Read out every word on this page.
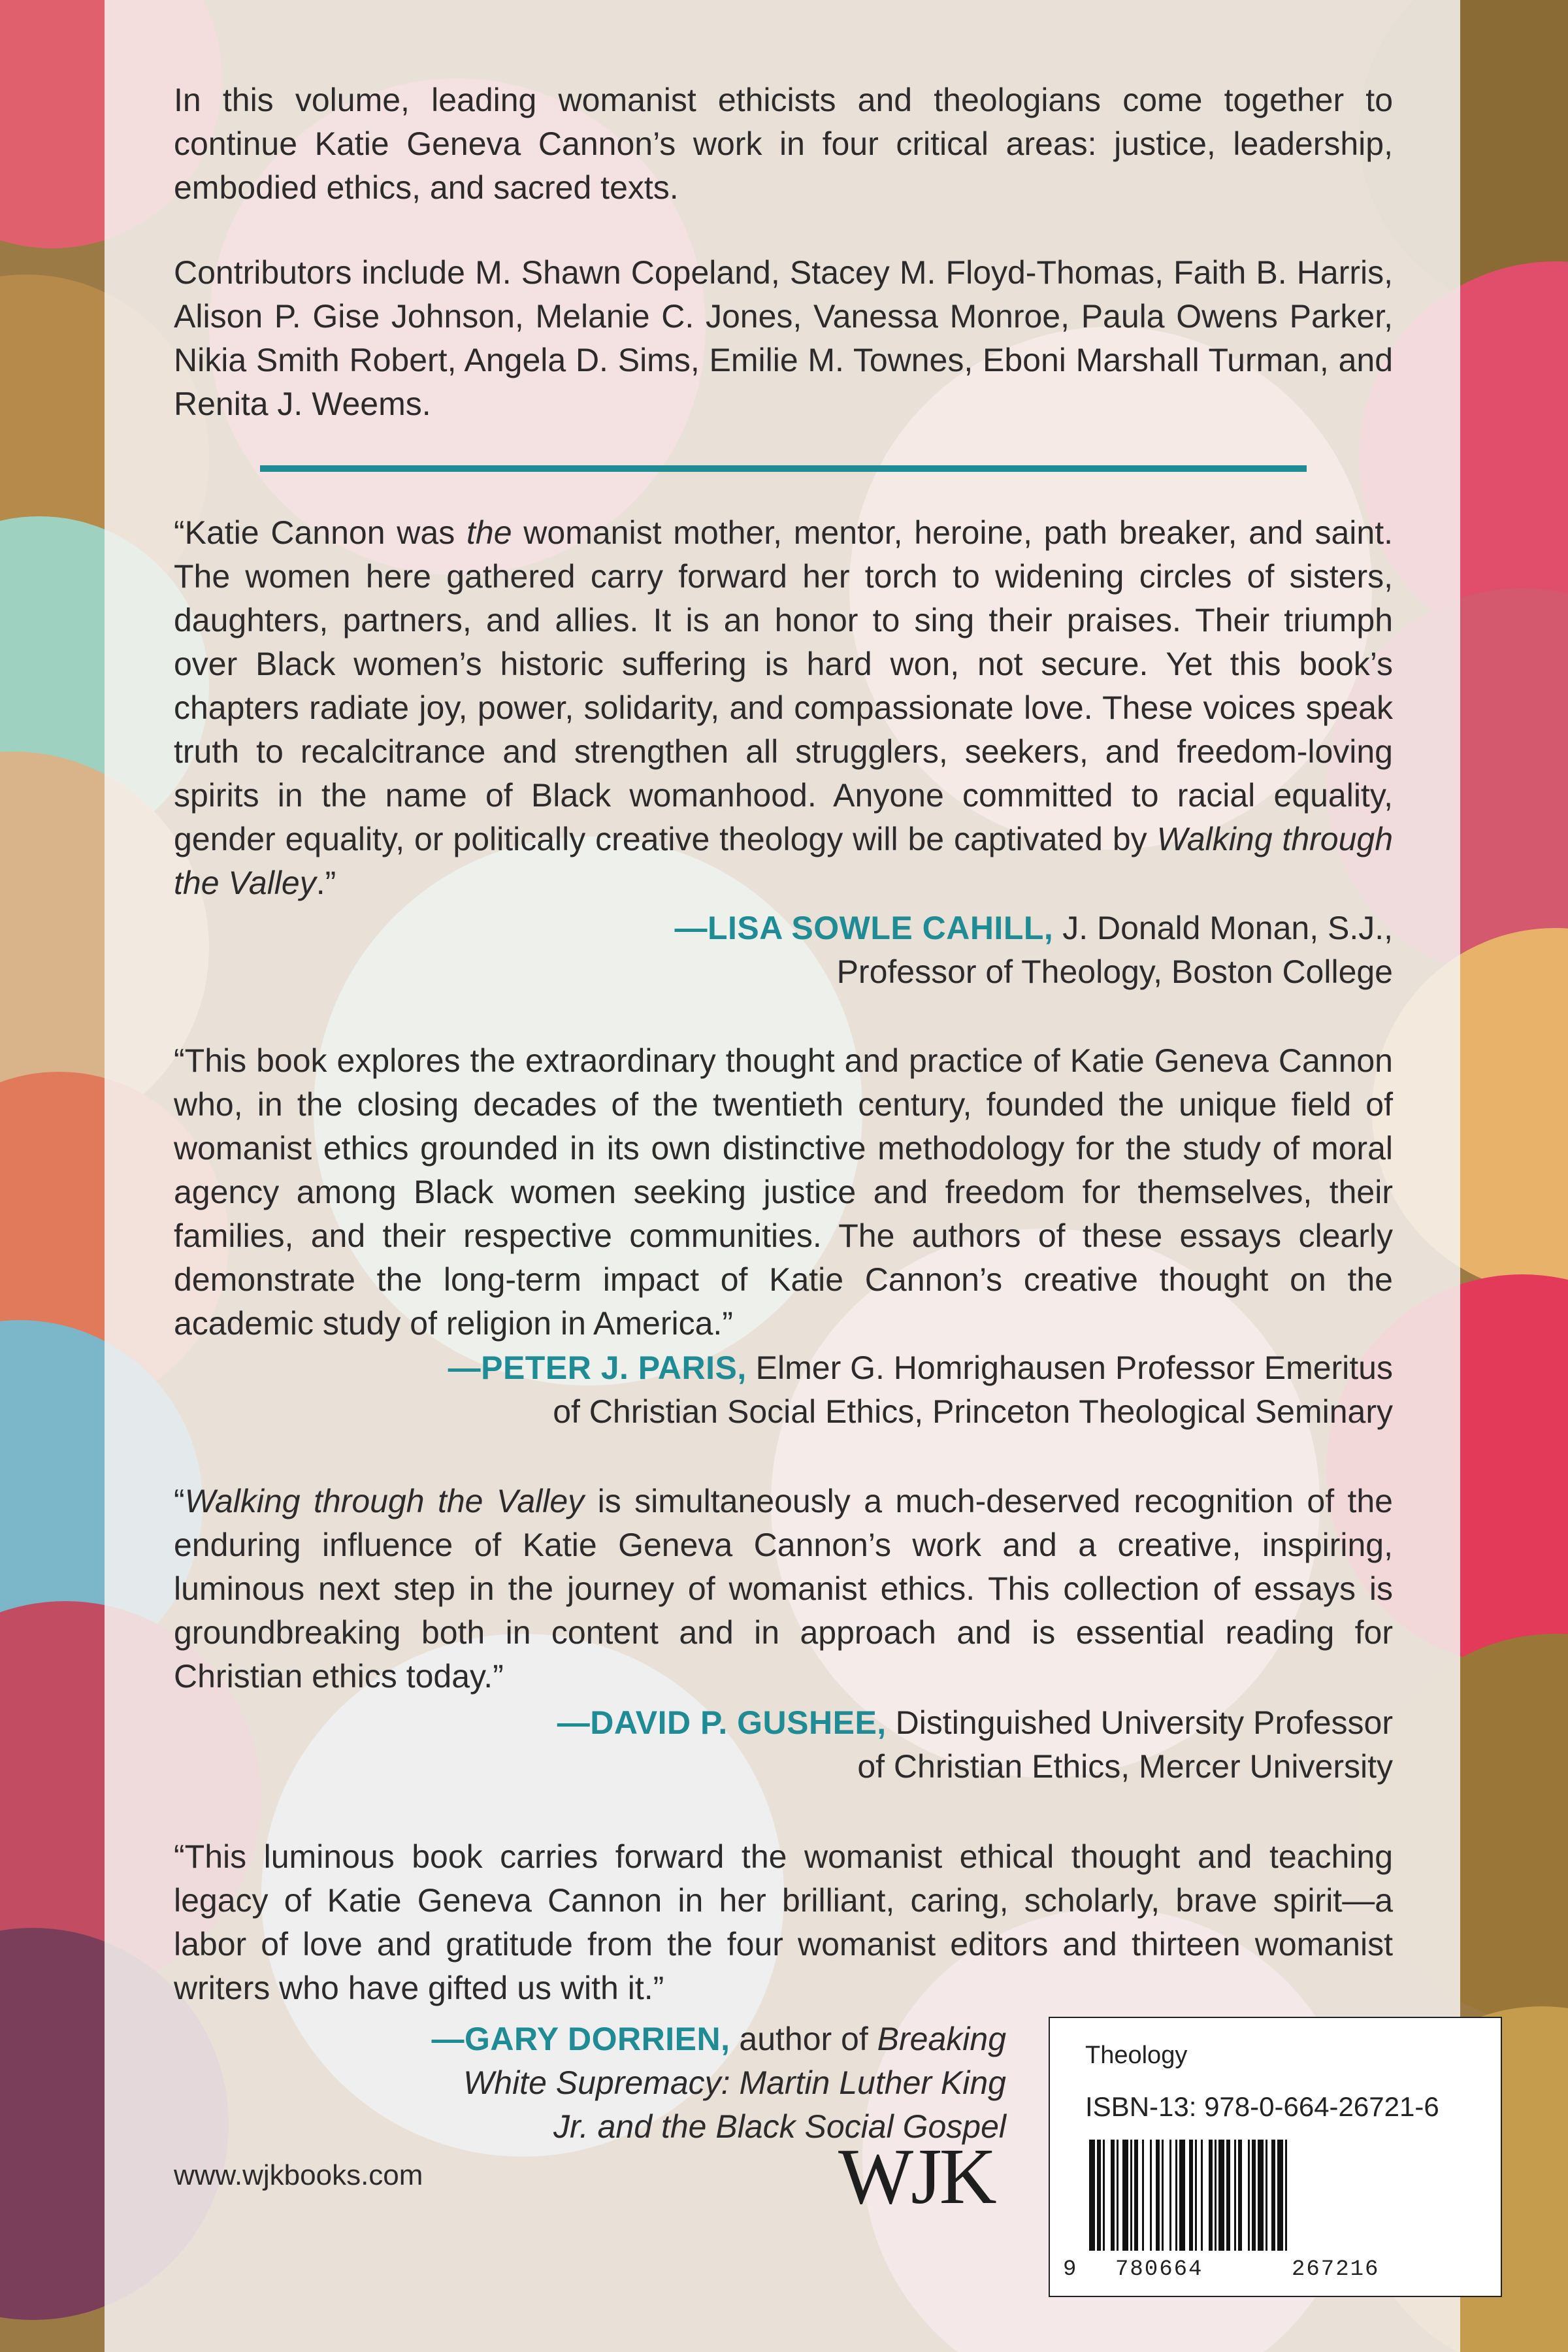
In this volume, leading womanist ethicists and theologians come together to continue Katie Geneva Cannon’s work in four critical areas: justice, leadership, embodied ethics, and sacred texts.

Contributors include M. Shawn Copeland, Stacey M. Floyd-Thomas, Faith B. Harris, Alison P. Gise Johnson, Melanie C. Jones, Vanessa Monroe, Paula Owens Parker, Nikia Smith Robert, Angela D. Sims, Emilie M. Townes, Eboni Marshall Turman, and Renita J. Weems.

“Katie Cannon was the womanist mother, mentor, heroine, path breaker, and saint. The women here gathered carry forward her torch to widening circles of sisters, daughters, partners, and allies. It is an honor to sing their praises. Their triumph over Black women’s historic suffering is hard won, not secure. Yet this book’s chapters radiate joy, power, solidarity, and compassionate love. These voices speak truth to recalcitrance and strengthen all strugglers, seekers, and freedom-loving spirits in the name of Black womanhood. Anyone committed to racial equality, gender equality, or politically creative theology will be captivated by Walking through the Valley.”

—LISA SOWLE CAHILL, J. Donald Monan, S.J.,
Professor of Theology, Boston College

“This book explores the extraordinary thought and practice of Katie Geneva Cannon who, in the closing decades of the twentieth century, founded the unique field of womanist ethics grounded in its own distinctive methodology for the study of moral agency among Black women seeking justice and freedom for themselves, their families, and their respective communities. The authors of these essays clearly demonstrate the long-term impact of Katie Cannon’s creative thought on the academic study of religion in America.”

—PETER J. PARIS, Elmer G. Homrighausen Professor Emeritus
of Christian Social Ethics, Princeton Theological Seminary

“Walking through the Valley is simultaneously a much-deserved recognition of the enduring influence of Katie Geneva Cannon’s work and a creative, inspiring, luminous next step in the journey of womanist ethics. This collection of essays is groundbreaking both in content and in approach and is essential reading for Christian ethics today.”

—DAVID P. GUSHEE, Distinguished University Professor
of Christian Ethics, Mercer University

“This luminous book carries forward the womanist ethical thought and teaching legacy of Katie Geneva Cannon in her brilliant, caring, scholarly, brave spirit—a labor of love and gratitude from the four womanist editors and thirteen womanist writers who have gifted us with it.”

—GARY DORRIEN, author of Breaking
White Supremacy: Martin Luther King
Jr. and the Black Social Gospel
www.wjkbooks.com	WJK
Theology
ISBN-13: 978-0-664-26721-6
9 780664	267216
